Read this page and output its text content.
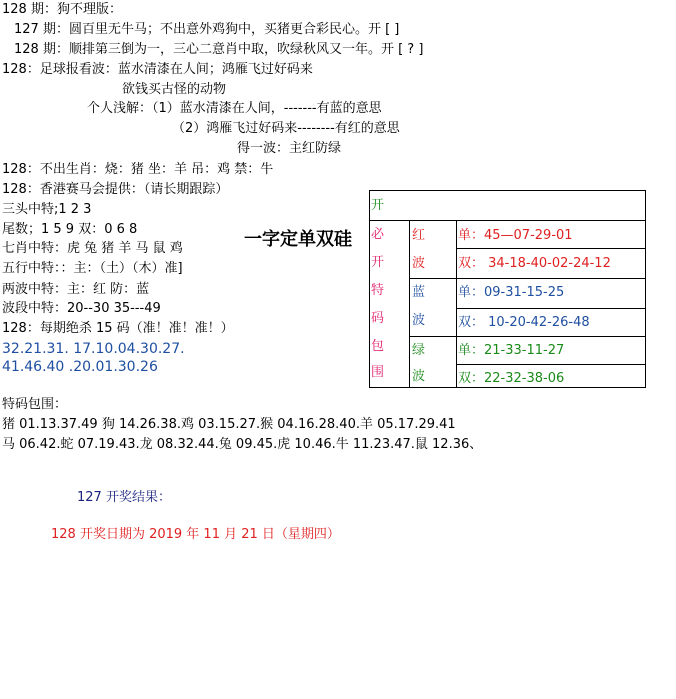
128 期：狗不理版：
127 期：圆百里无牛马；不出意外鸡狗中，买猪更合彩民心。开 [ ]
128 期：顺排第三倒为一，三心二意肖中取，吹绿秋风又一年。开 [ ? ]
128：足球报看波：蓝水清漆在人间；鸿雁飞过好码来
欲钱买古怪的动物
个人浅解：（1）蓝水清漆在人间，-------有蓝的意思
（2）鸿雁飞过好码来--------有红的意思
得一波：主红防绿
128：不出生肖：烧：猪 坐：羊 吊：鸡 禁：牛
128：香港赛马会提供：（请长期跟踪）
三头中特;1 2 3
尾数；1 5 9 双：0 6 8
七肖中特：虎 兔 猪 羊 马 鼠 鸡
五行中特：：主：（土）（木）准]
两波中特：主：红 防：蓝
波段中特：20--30 35---49
128：每期绝杀 15 码（准！准！准！）
32.21.31. 17.10.04.30.27.
41.46.40 .20.01.30.26
特码包围：
猪 01.13.37.49 狗 14.26.38.鸡 03.15.27.猴 04.16.28.40.羊 05.17.29.41
马 06.42.蛇 07.19.43.龙 08.32.44.兔 09.45.虎 10.46.牛 11.23.47.鼠 12.36、
127 开奖结果：
128 开奖日期为 2019 年 11 月 21 日（星期四）
一字定单双硅
开
必
开
特
码
包
围
红
波
蓝
波
绿
波
单：45—07-29-01
双： 34-18-40-02-24-12
单：09-31-15-25
双： 10-20-42-26-48
单：21-33-11-27
双：22-32-38-06
